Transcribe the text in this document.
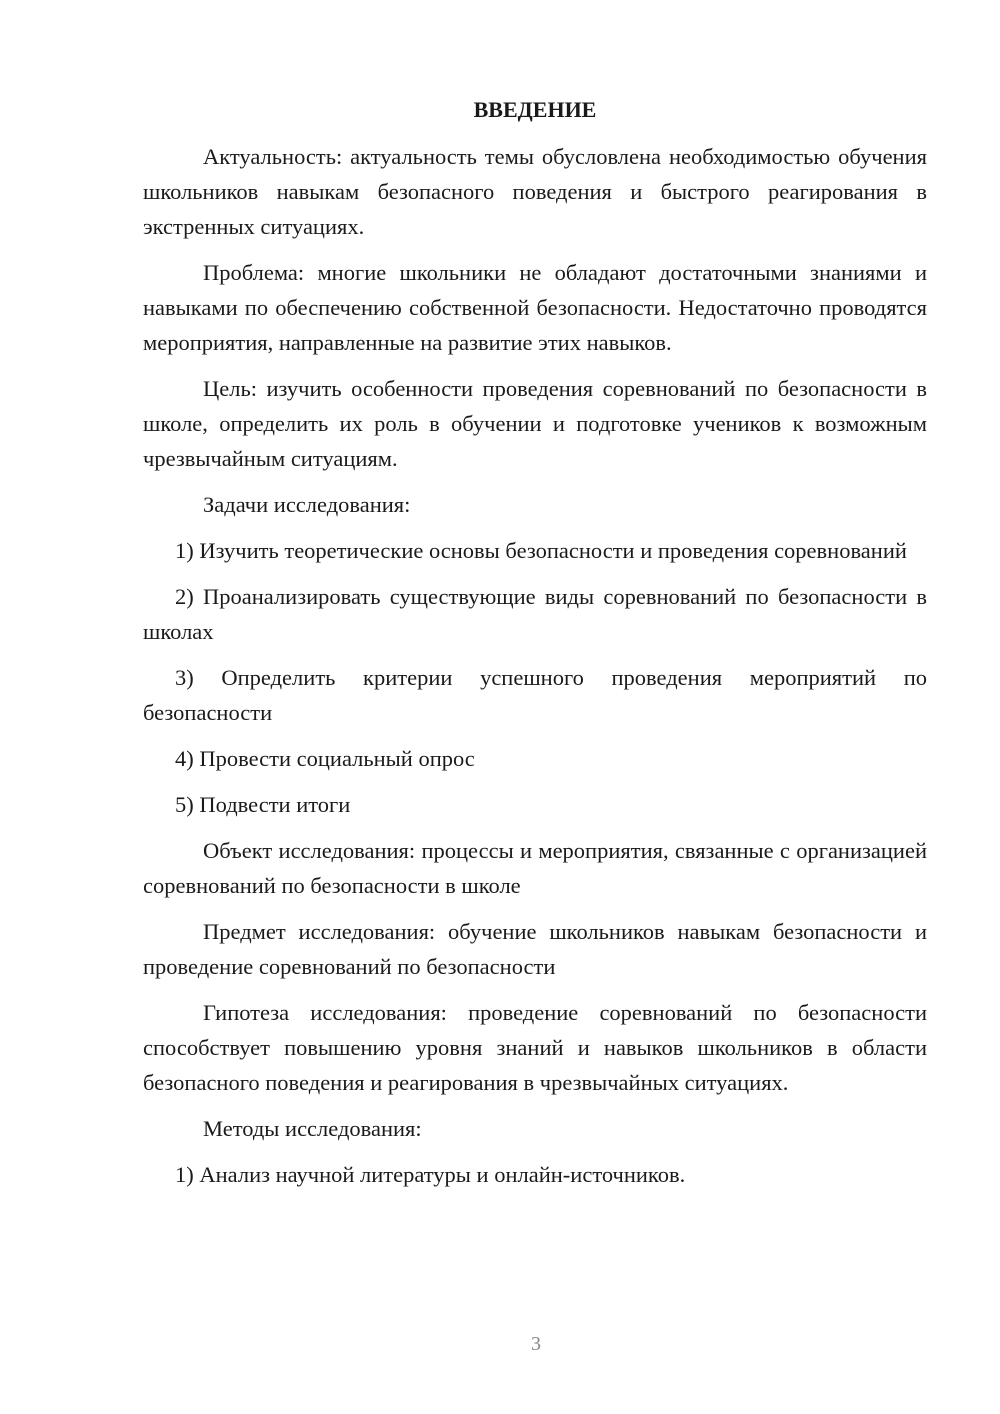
ВВЕДЕНИЕ

Актуальность: актуальность темы обусловлена необходимостью обучения школьников навыкам безопасного поведения и быстрого реагирования в экстренных ситуациях.

Проблема: многие школьники не обладают достаточными знаниями и навыками по обеспечению собственной безопасности. Недостаточно проводятся мероприятия, направленные на развитие этих навыков.

Цель: изучить особенности проведения соревнований по безопасности в школе, определить их роль в обучении и подготовке учеников к возможным чрезвычайным ситуациям.

Задачи исследования:

1) Изучить теоретические основы безопасности и проведения соревнований

2) Проанализировать существующие виды соревнований по безопасности в школах

3) Определить критерии успешного проведения мероприятий по безопасности

4) Провести социальный опрос

5) Подвести итоги

Объект исследования: процессы и мероприятия, связанные с организацией соревнований по безопасности в школе

Предмет исследования: обучение школьников навыкам безопасности и проведение соревнований по безопасности

Гипотеза исследования: проведение соревнований по безопасности способствует повышению уровня знаний и навыков школьников в области безопасного поведения и реагирования в чрезвычайных ситуациях.

Методы исследования:

1) Анализ научной литературы и онлайн-источников.

3
